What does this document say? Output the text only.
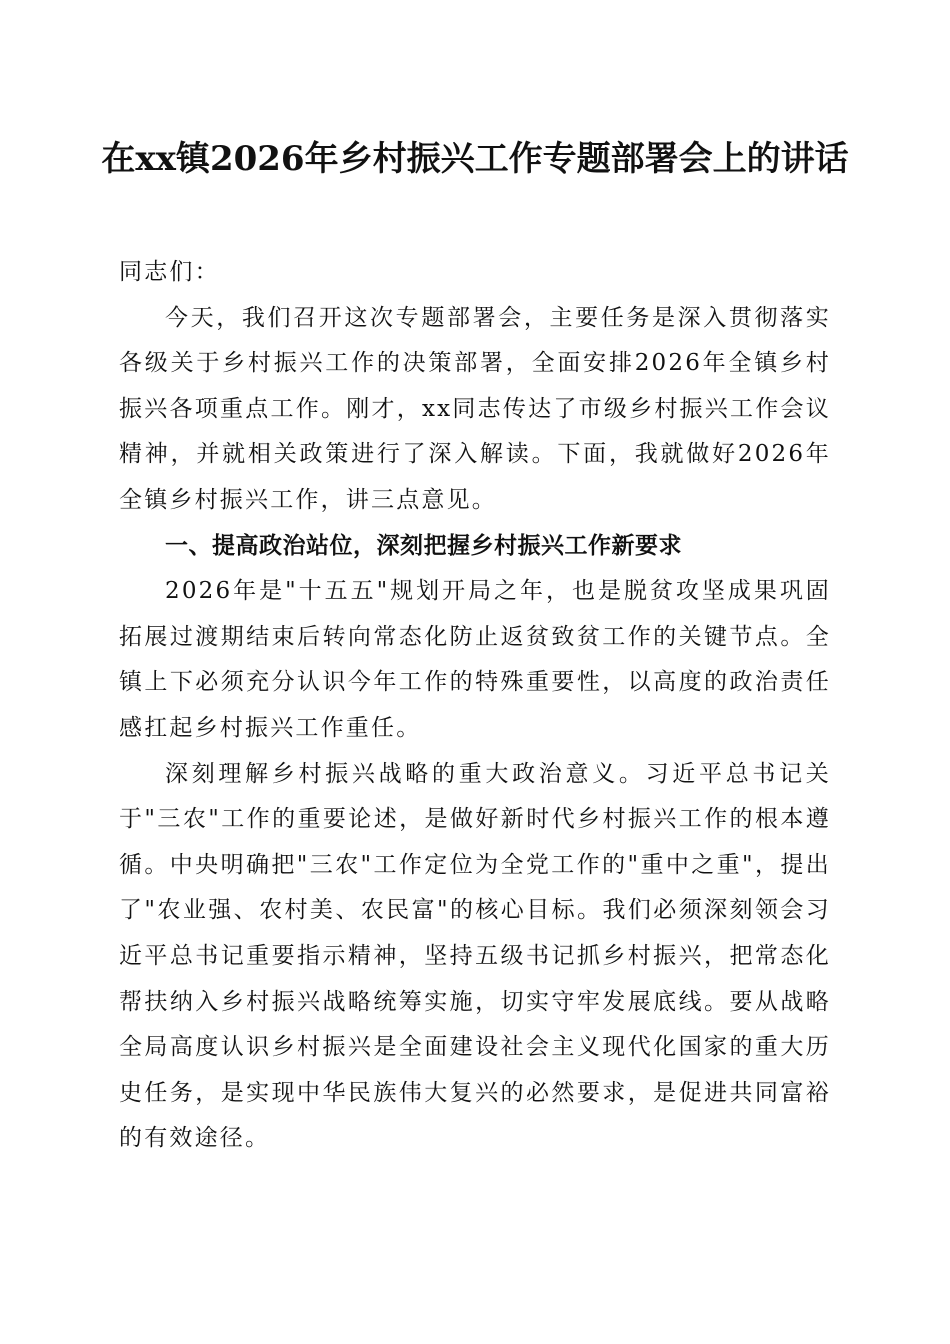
在xx镇2026年乡村振兴工作专题部署会上的讲话

同志们：

今天，我们召开这次专题部署会，主要任务是深入贯彻落实各级关于乡村振兴工作的决策部署，全面安排2026年全镇乡村振兴各项重点工作。刚才，xx同志传达了市级乡村振兴工作会议精神，并就相关政策进行了深入解读。下面，我就做好2026年全镇乡村振兴工作，讲三点意见。

一、提高政治站位，深刻把握乡村振兴工作新要求

2026年是"十五五"规划开局之年，也是脱贫攻坚成果巩固拓展过渡期结束后转向常态化防止返贫致贫工作的关键节点。全镇上下必须充分认识今年工作的特殊重要性，以高度的政治责任感扛起乡村振兴工作重任。

深刻理解乡村振兴战略的重大政治意义。习近平总书记关于"三农"工作的重要论述，是做好新时代乡村振兴工作的根本遵循。中央明确把"三农"工作定位为全党工作的"重中之重"，提出了"农业强、农村美、农民富"的核心目标。我们必须深刻领会习近平总书记重要指示精神，坚持五级书记抓乡村振兴，把常态化帮扶纳入乡村振兴战略统筹实施，切实守牢发展底线。要从战略全局高度认识乡村振兴是全面建设社会主义现代化国家的重大历史任务，是实现中华民族伟大复兴的必然要求，是促进共同富裕的有效途径。
